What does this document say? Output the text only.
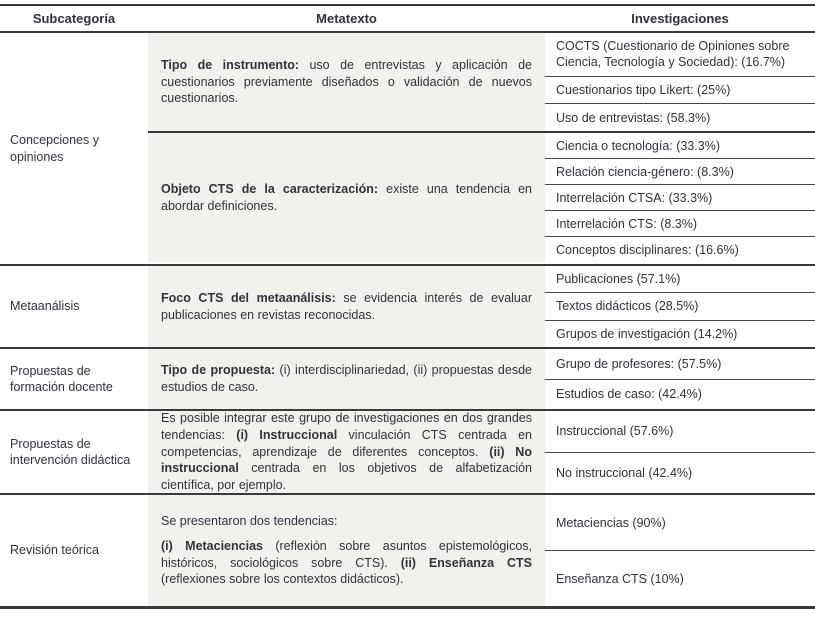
Subcategoría	Metatexto	Investigaciones
Concepciones y opiniones

Tipo de instrumento: uso de entrevistas y aplicación de cuestionarios previamente diseñados o validación de nuevos cuestionarios.

COCTS (Cuestionario de Opiniones sobre Ciencia, Tecnología y Sociedad): (16.7%)
Cuestionarios tipo Likert: (25%)
Uso de entrevistas: (58.3%)

Objeto CTS de la caracterización: existe una tendencia en abordar definiciones.

Ciencia o tecnología: (33.3%)
Relación ciencia-género: (8.3%)
Interrelación CTSA: (33.3%)
Interrelación CTS: (8.3%)
Conceptos disciplinares: (16.6%)
Metaanálisis

Foco CTS del metaanálisis: se evidencia interés de evaluar publicaciones en revistas reconocidas.

Publicaciones (57.1%)
Textos didácticos (28.5%)
Grupos de investigación (14.2%)
Propuestas de formación docente

Tipo de propuesta: (i) interdisciplinariedad, (ii) propuestas desde estudios de caso.

Grupo de profesores: (57.5%)
Estudios de caso: (42.4%)
Propuestas de intervención didáctica

Es posible integrar este grupo de investigaciones en dos grandes tendencias: (i) Instruccional vinculación CTS centrada en competencias, aprendizaje de diferentes conceptos. (ii) No instruccional centrada en los objetivos de alfabetización científica, por ejemplo.

Instruccional (57.6%)
No instruccional (42.4%)
Revisión teórica

Se presentaron dos tendencias:

(i) Metaciencias (reflexión sobre asuntos epistemológicos, históricos, sociológicos sobre CTS). (ii) Enseñanza CTS (reflexiones sobre los contextos didácticos).

Metaciencias (90%)
Enseñanza CTS (10%)
